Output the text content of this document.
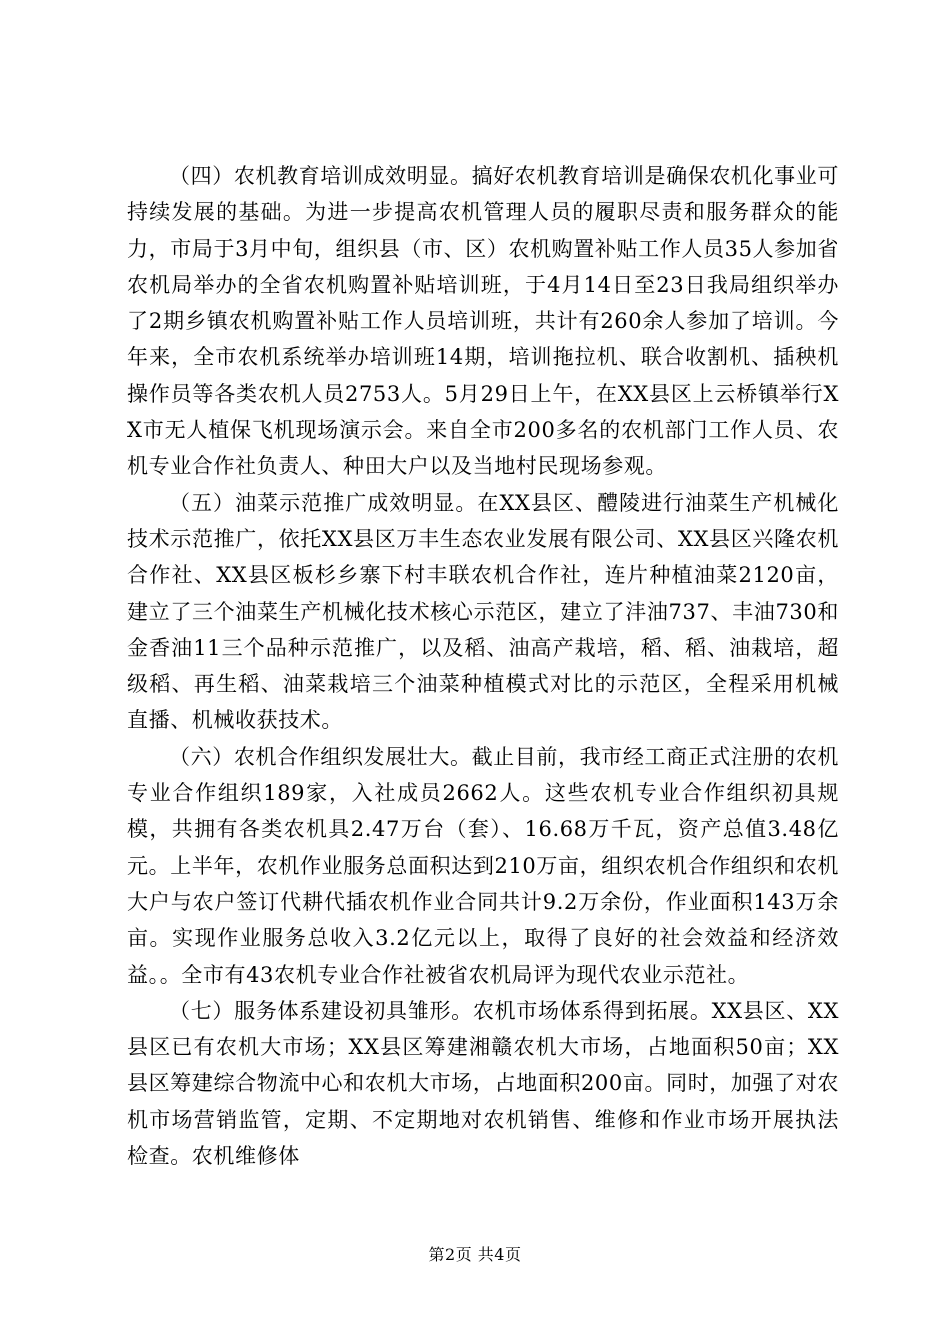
（四）农机教育培训成效明显。搞好农机教育培训是确保农机化事业可持续发展的基础。为进一步提高农机管理人员的履职尽责和服务群众的能力，市局于3月中旬，组织县（市、区）农机购置补贴工作人员35人参加省农机局举办的全省农机购置补贴培训班，于4月14日至23日我局组织举办了2期乡镇农机购置补贴工作人员培训班，共计有260余人参加了培训。今年来，全市农机系统举办培训班14期，培训拖拉机、联合收割机、插秧机操作员等各类农机人员2753人。5月29日上午，在XX县区上云桥镇举行XX市无人植保飞机现场演示会。来自全市200多名的农机部门工作人员、农机专业合作社负责人、种田大户以及当地村民现场参观。

（五）油菜示范推广成效明显。在XX县区、醴陵进行油菜生产机械化技术示范推广，依托XX县区万丰生态农业发展有限公司、XX县区兴隆农机合作社、XX县区板杉乡寨下村丰联农机合作社，连片种植油菜2120亩，建立了三个油菜生产机械化技术核心示范区，建立了沣油737、丰油730和金香油11三个品种示范推广，以及稻、油高产栽培，稻、稻、油栽培，超级稻、再生稻、油菜栽培三个油菜种植模式对比的示范区，全程采用机械直播、机械收获技术。

（六）农机合作组织发展壮大。截止目前，我市经工商正式注册的农机专业合作组织189家，入社成员2662人。这些农机专业合作组织初具规模，共拥有各类农机具2.47万台（套）、16.68万千瓦，资产总值3.48亿元。上半年，农机作业服务总面积达到210万亩，组织农机合作组织和农机大户与农户签订代耕代插农机作业合同共计9.2万余份，作业面积143万余亩。实现作业服务总收入3.2亿元以上，取得了良好的社会效益和经济效益。。全市有43农机专业合作社被省农机局评为现代农业示范社。

（七）服务体系建设初具雏形。农机市场体系得到拓展。XX县区、XX县区已有农机大市场；XX县区筹建湘赣农机大市场，占地面积50亩；XX县区筹建综合物流中心和农机大市场，占地面积200亩。同时，加强了对农机市场营销监管，定期、不定期地对农机销售、维修和作业市场开展执法检查。农机维修体

第2页 共4页
